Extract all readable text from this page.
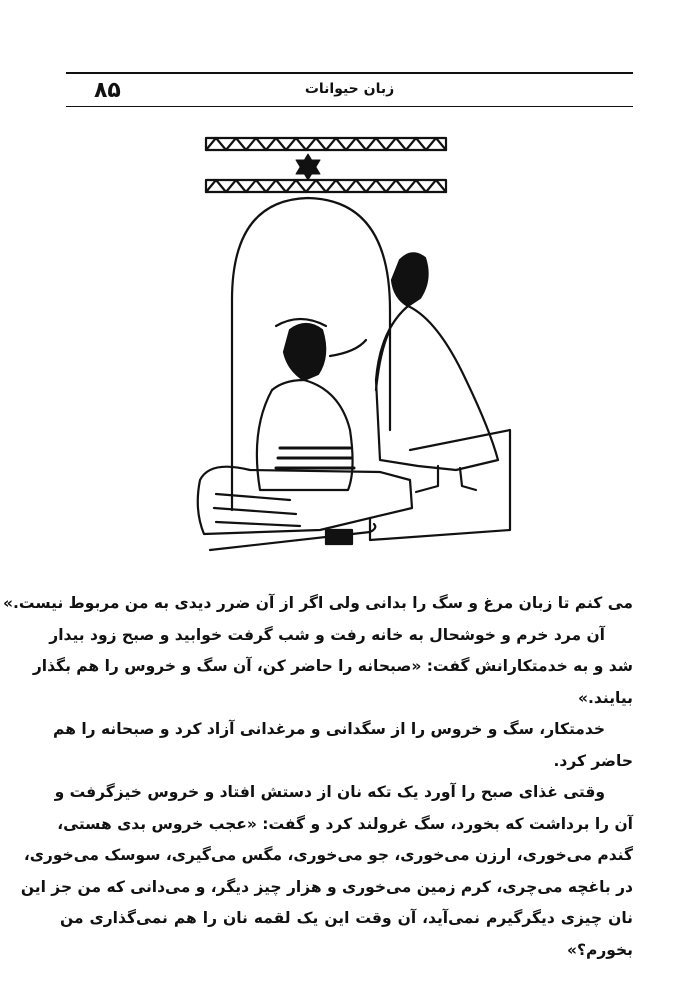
۸۵	زبان حیوانات
می کنم تا زبان مرغ و سگ را بدانی ولی اگر از آن ضرر دیدی به من مربوط نیست.»
آن مرد خرم و خوشحال به خانه رفت و شب گرفت خوابید و صبح زود بیدار
شد و به خدمتکارانش گفت: «صبحانه را حاضر کن، آن سگ و خروس را هم بگذار
بیایند.»
خدمتکار، سگ و خروس را از سگدانی و مرغدانی آزاد کرد و صبحانه را هم
حاضر کرد.
وقتی غذای صبح را آورد یک تکه نان از دستش افتاد و خروس خیزگرفت و
آن را برداشت که بخورد، سگ غرولند کرد و گفت: «عجب خروس بدی هستی،
گندم می‌خوری، ارزن می‌خوری، جو می‌خوری، مگس می‌گیری، سوسک می‌خوری،
در باغچه می‌چری، کرم زمین می‌خوری و هزار چیز دیگر، و می‌دانی که من جز این
نان چیزی دیگرگیرم نمی‌آید، آن وقت این یک لقمه نان را هم نمی‌گذاری من
بخورم؟»
